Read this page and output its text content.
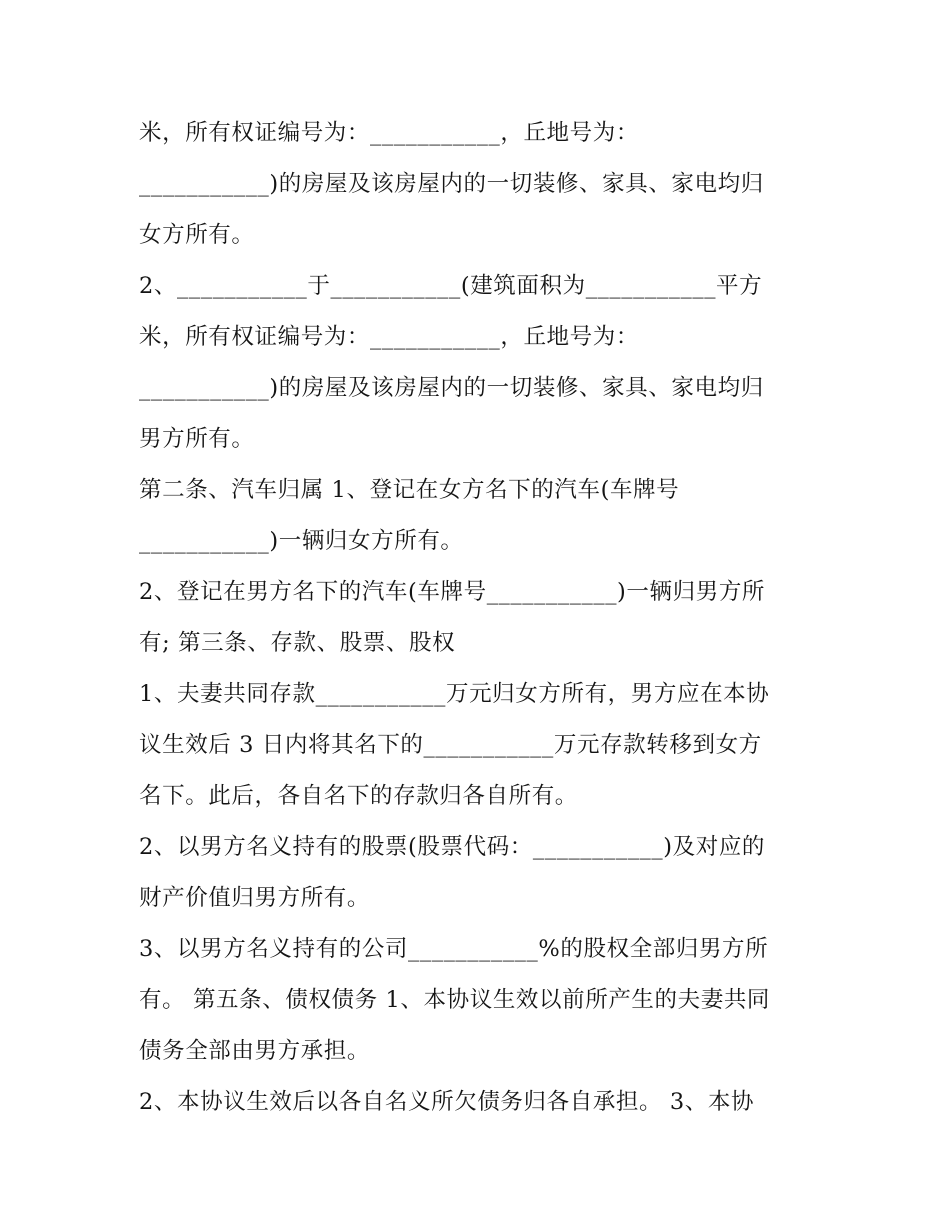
米，所有权证编号为：___________，丘地号为：
___________)的房屋及该房屋内的一切装修、家具、家电均归
女方所有。
2、___________于___________(建筑面积为___________平方
米，所有权证编号为：___________，丘地号为：
___________)的房屋及该房屋内的一切装修、家具、家电均归
男方所有。
第二条、汽车归属 1、登记在女方名下的汽车(车牌号
___________)一辆归女方所有。
2、登记在男方名下的汽车(车牌号___________)一辆归男方所
有; 第三条、存款、股票、股权
1、夫妻共同存款___________万元归女方所有，男方应在本协
议生效后 3 日内将其名下的___________万元存款转移到女方
名下。此后，各自名下的存款归各自所有。
2、以男方名义持有的股票(股票代码：___________)及对应的
财产价值归男方所有。
3、以男方名义持有的公司___________%的股权全部归男方所
有。 第五条、债权债务 1、本协议生效以前所产生的夫妻共同
债务全部由男方承担。
2、本协议生效后以各自名义所欠债务归各自承担。 3、本协
